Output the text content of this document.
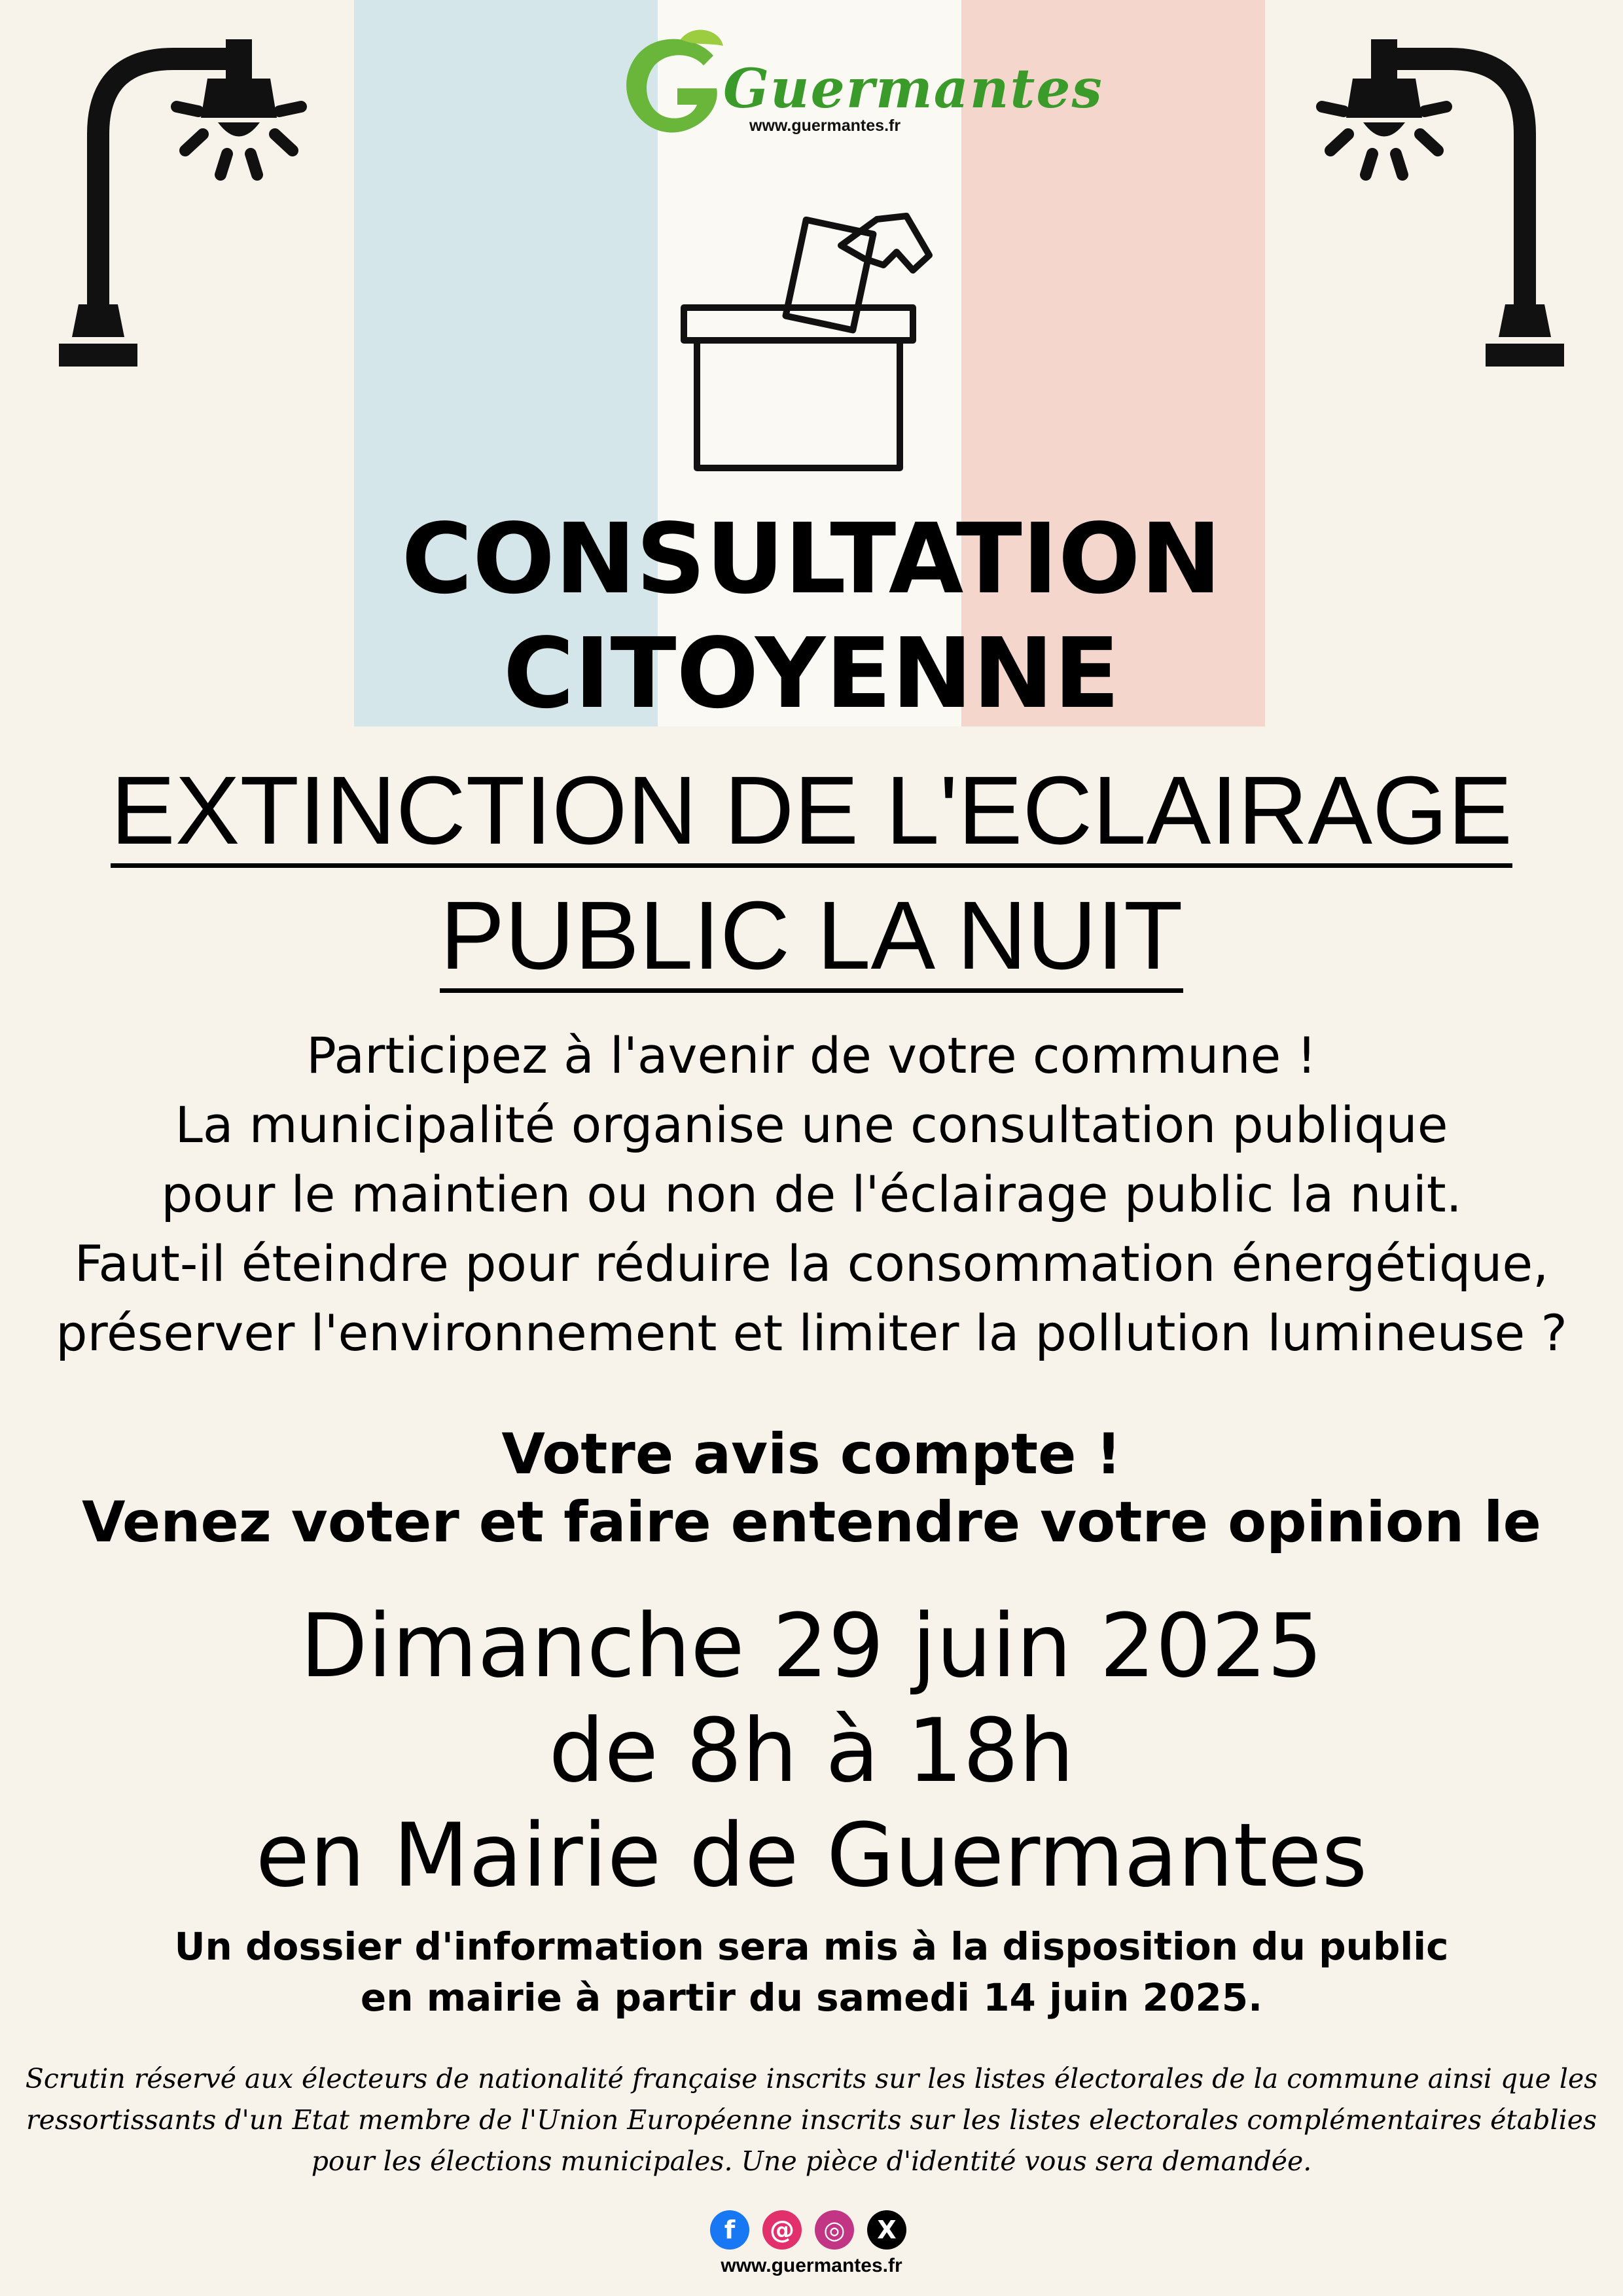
Guermantes
www.guermantes.fr
CONSULTATION
CITOYENNE
EXTINCTION DE L'ECLAIRAGE
PUBLIC LA NUIT
Participez à l'avenir de votre commune !
La municipalité organise une consultation publique
pour le maintien ou non de l'éclairage public la nuit.
Faut-il éteindre pour réduire la consommation énergétique,
préserver l'environnement et limiter la pollution lumineuse ?
Votre avis compte !
Venez voter et faire entendre votre opinion le
Dimanche 29 juin 2025
de 8h à 18h
en Mairie de Guermantes
Un dossier d'information sera mis à la disposition du public
en mairie à partir du samedi 14 juin 2025.
Scrutin réservé aux électeurs de nationalité française inscrits sur les listes électorales de la commune ainsi que les
ressortissants d'un Etat membre de l'Union Européenne inscrits sur les listes electorales complémentaires établies
pour les élections municipales. Une pièce d'identité vous sera demandée.
f	@	◎	X
www.guermantes.fr
